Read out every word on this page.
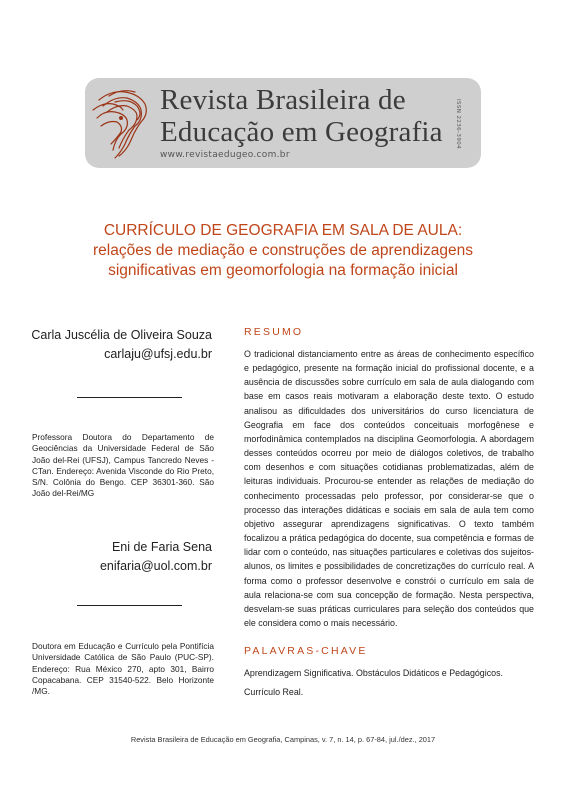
Revista Brasileira de
Educação em Geografia
www.revistaedugeo.com.br
ISSN 2236-3904
CURRÍCULO DE GEOGRAFIA EM SALA DE AULA:
relações de mediação e construções de aprendizagens
significativas em geomorfologia na formação inicial
Carla Juscélia de Oliveira Souza
carlaju@ufsj.edu.br
Professora Doutora do Departamento de Geociências da Universidade Federal de São João del-Rei (UFSJ), Campus Tancredo Neves - CTan. Endereço: Avenida Visconde do Rio Preto, S/N. Colônia do Bengo. CEP 36301-360. São João del-Rei/MG
Eni de Faria Sena
enifaria@uol.com.br
Doutora em Educação e Currículo pela Pontifícia Universidade Católica de São Paulo (PUC-SP). Endereço: Rua México 270, apto 301, Bairro Copacabana. CEP 31540-522. Belo Horizonte /MG.
RESUMO
O tradicional distanciamento entre as áreas de conhecimento específico e pedagógico, presente na formação inicial do profissional docente, e a ausência de discussões sobre currículo em sala de aula dialogando com base em casos reais motivaram a elaboração deste texto. O estudo analisou as dificuldades dos universitários do curso licenciatura de Geografia em face dos conteúdos conceituais morfogênese e morfodinâmica contemplados na disciplina Geomorfologia. A abordagem desses conteúdos ocorreu por meio de diálogos coletivos, de trabalho com desenhos e com situações cotidianas problematizadas, além de leituras individuais. Procurou-se entender as relações de mediação do conhecimento processadas pelo professor, por considerar-se que o processo das interações didáticas e sociais em sala de aula tem como objetivo assegurar aprendizagens significativas. O texto também focalizou a prática pedagógica do docente, sua competência e formas de lidar com o conteúdo, nas situações particulares e coletivas dos sujeitos-alunos, os limites e possibilidades de concretizações do currículo real. A forma como o professor desenvolve e constrói o currículo em sala de aula relaciona-se com sua concepção de formação. Nesta perspectiva, desvelam-se suas práticas curriculares para seleção dos conteúdos que ele considera como o mais necessário.
PALAVRAS-CHAVE
Aprendizagem Significativa. Obstáculos Didáticos e Pedagógicos. Currículo Real.
Revista Brasileira de Educação em Geografia, Campinas, v. 7, n. 14, p. 67-84, jul./dez., 2017
